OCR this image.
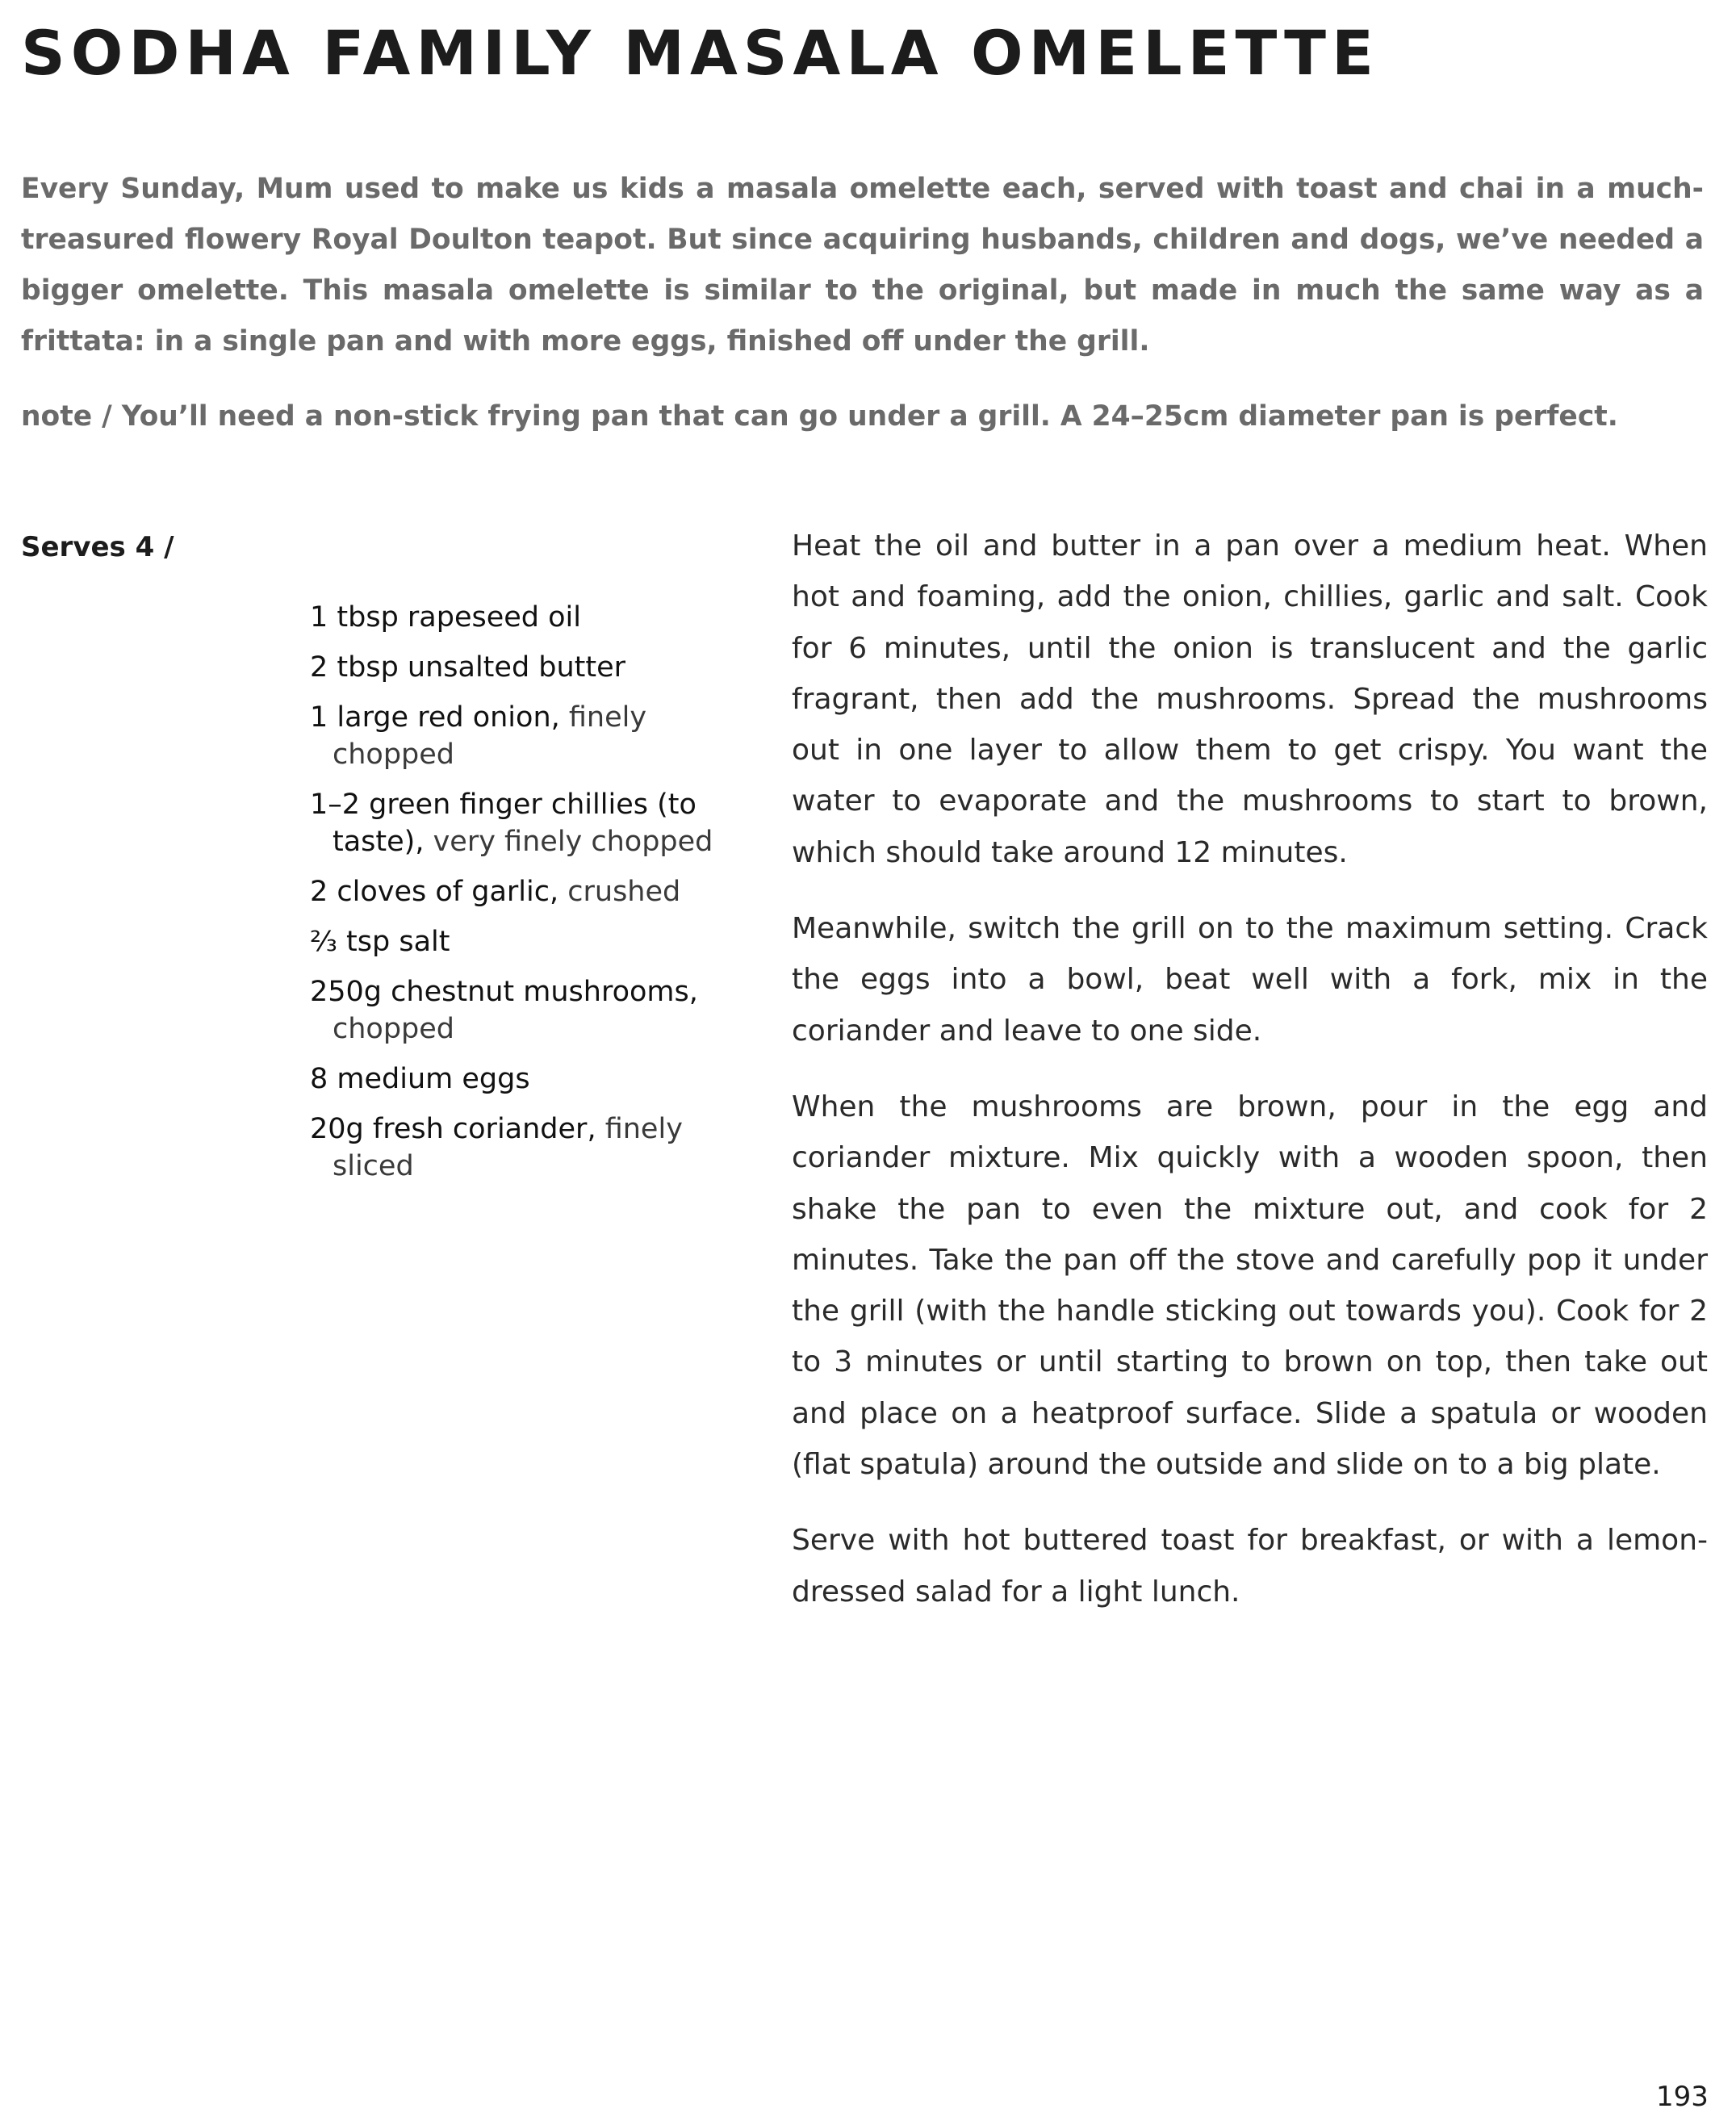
SODHA FAMILY MASALA OMELETTE

Every Sunday, Mum used to make us kids a masala omelette each, served with toast and chai in a much-treasured flowery Royal Doulton teapot. But since acquiring husbands, children and dogs, we’ve needed a bigger omelette. This masala omelette is similar to the original, but made in much the same way as a frittata: in a single pan and with more eggs, finished off under the grill.

note / You’ll need a non-stick frying pan that can go under a grill. A 24–25cm diameter pan is perfect.

Serves 4 /

1 tbsp rapeseed oil
2 tbsp unsalted butter
1 large red onion, finely chopped
1–2 green finger chillies (to taste), very finely chopped
2 cloves of garlic, crushed
⅔ tsp salt
250g chestnut mushrooms, chopped
8 medium eggs
20g fresh coriander, finely sliced

Heat the oil and butter in a pan over a medium heat. When hot and foaming, add the onion, chillies, garlic and salt. Cook for 6 minutes, until the onion is translucent and the garlic fragrant, then add the mushrooms. Spread the mushrooms out in one layer to allow them to get crispy. You want the water to evaporate and the mushrooms to start to brown, which should take around 12 minutes.

Meanwhile, switch the grill on to the maximum setting. Crack the eggs into a bowl, beat well with a fork, mix in the coriander and leave to one side.

When the mushrooms are brown, pour in the egg and coriander mixture. Mix quickly with a wooden spoon, then shake the pan to even the mixture out, and cook for 2 minutes. Take the pan off the stove and carefully pop it under the grill (with the handle sticking out towards you). Cook for 2 to 3 minutes or until starting to brown on top, then take out and place on a heatproof surface. Slide a spatula or wooden (flat spatula) around the outside and slide on to a big plate.

Serve with hot buttered toast for breakfast, or with a lemon-dressed salad for a light lunch.

193
